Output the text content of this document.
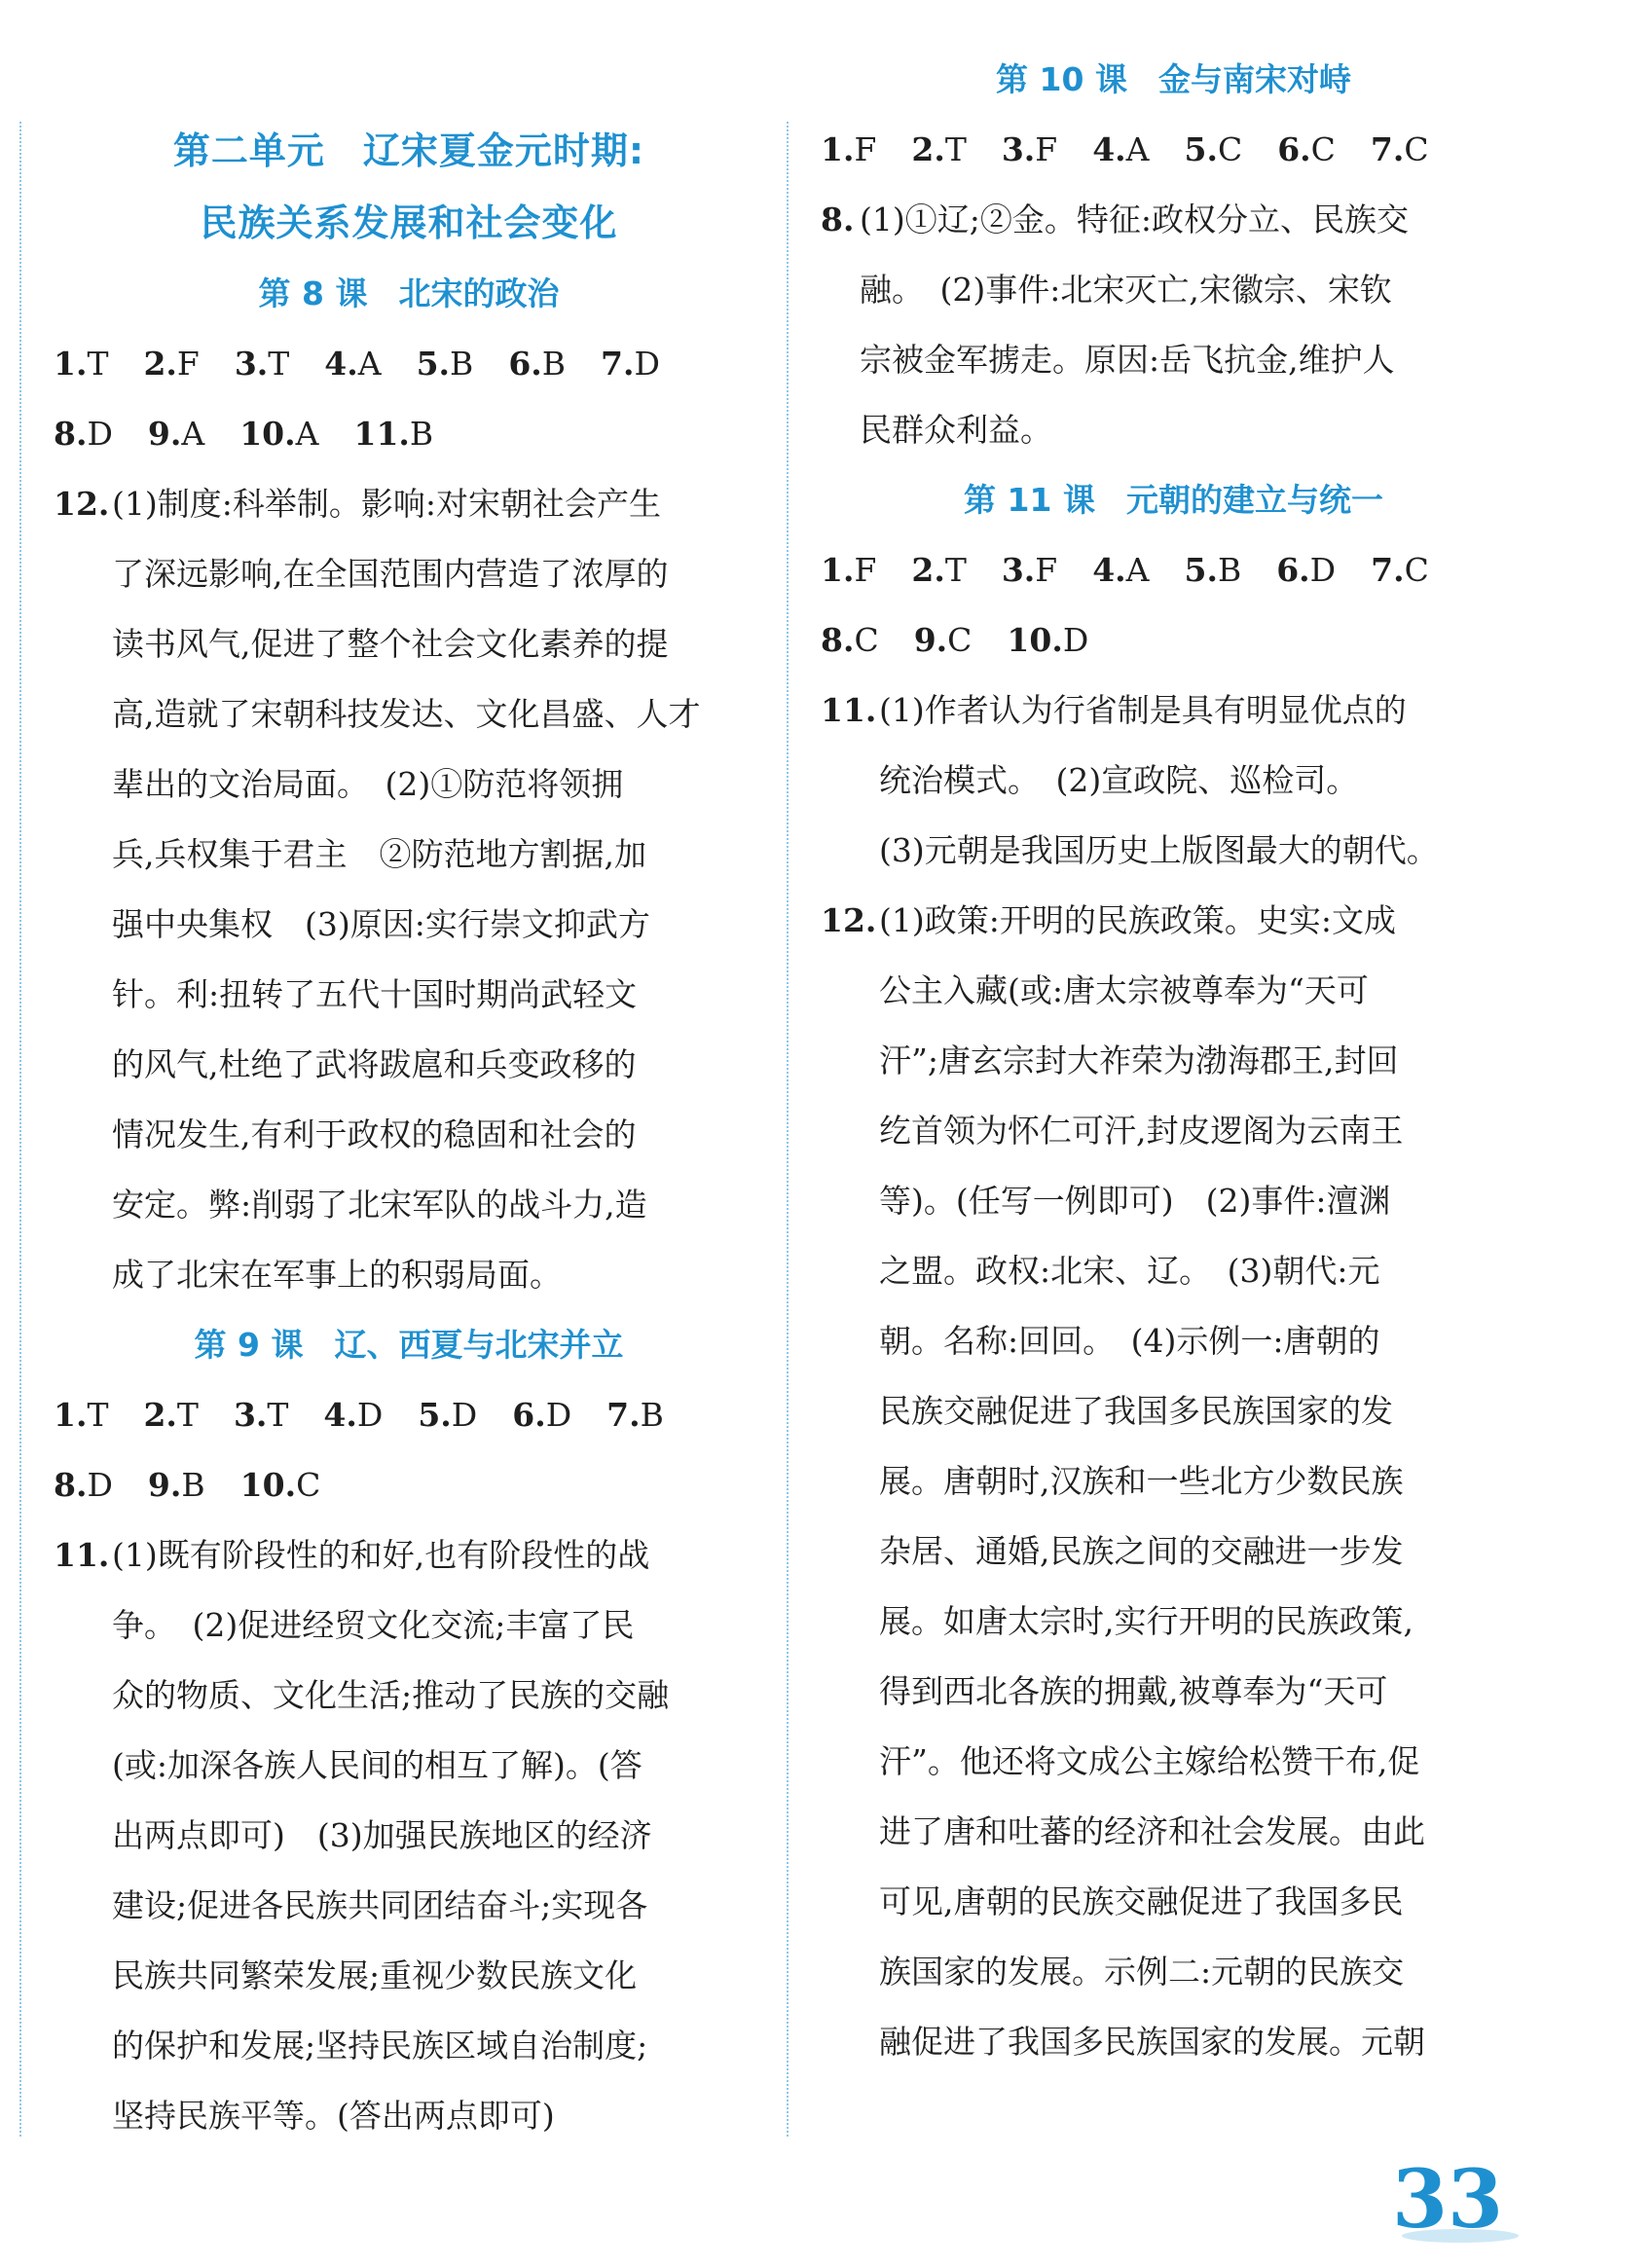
第二单元　辽宋夏金元时期:
民族关系发展和社会变化
第 8 课 北宋的政治
1.T 2.F 3.T 4.A 5.B 6.B 7.D
8.D 9.A 10.A 11.B
12. (1)制度:科举制。影响:对宋朝社会产生
了深远影响,在全国范围内营造了浓厚的
读书风气,促进了整个社会文化素养的提
高,造就了宋朝科技发达、文化昌盛、人才
辈出的文治局面。　(2)①防范将领拥
兵,兵权集于君主　②防范地方割据,加
强中央集权　(3)原因:实行崇文抑武方
针。利:扭转了五代十国时期尚武轻文
的风气,杜绝了武将跋扈和兵变政移的
情况发生,有利于政权的稳固和社会的
安定。弊:削弱了北宋军队的战斗力,造
成了北宋在军事上的积弱局面。
第 9 课 辽、西夏与北宋并立
1.T 2.T 3.T 4.D 5.D 6.D 7.B
8.D 9.B 10.C
11. (1)既有阶段性的和好,也有阶段性的战
争。　(2)促进经贸文化交流;丰富了民
众的物质、文化生活;推动了民族的交融
(或:加深各族人民间的相互了解)。(答
出两点即可)　(3)加强民族地区的经济
建设;促进各民族共同团结奋斗;实现各
民族共同繁荣发展;重视少数民族文化
的保护和发展;坚持民族区域自治制度;
坚持民族平等。(答出两点即可)
第 10 课 金与南宋对峙
1.F 2.T 3.F 4.A 5.C 6.C 7.C
8. (1)①辽;②金。特征:政权分立、民族交
融。　(2)事件:北宋灭亡,宋徽宗、宋钦
宗被金军掳走。原因:岳飞抗金,维护人
民群众利益。
第 11 课 元朝的建立与统一
1.F 2.T 3.F 4.A 5.B 6.D 7.C
8.C 9.C 10.D
11. (1)作者认为行省制是具有明显优点的
统治模式。　(2)宣政院、巡检司。
(3)元朝是我国历史上版图最大的朝代。
12. (1)政策:开明的民族政策。史实:文成
公主入藏(或:唐太宗被尊奉为“天可
汗”;唐玄宗封大祚荣为渤海郡王,封回
纥首领为怀仁可汗,封皮逻阁为云南王
等)。(任写一例即可)　(2)事件:澶渊
之盟。政权:北宋、辽。　(3)朝代:元
朝。名称:回回。　(4)示例一:唐朝的
民族交融促进了我国多民族国家的发
展。唐朝时,汉族和一些北方少数民族
杂居、通婚,民族之间的交融进一步发
展。如唐太宗时,实行开明的民族政策,
得到西北各族的拥戴,被尊奉为“天可
汗”。他还将文成公主嫁给松赞干布,促
进了唐和吐蕃的经济和社会发展。由此
可见,唐朝的民族交融促进了我国多民
族国家的发展。示例二:元朝的民族交
融促进了我国多民族国家的发展。元朝
33
